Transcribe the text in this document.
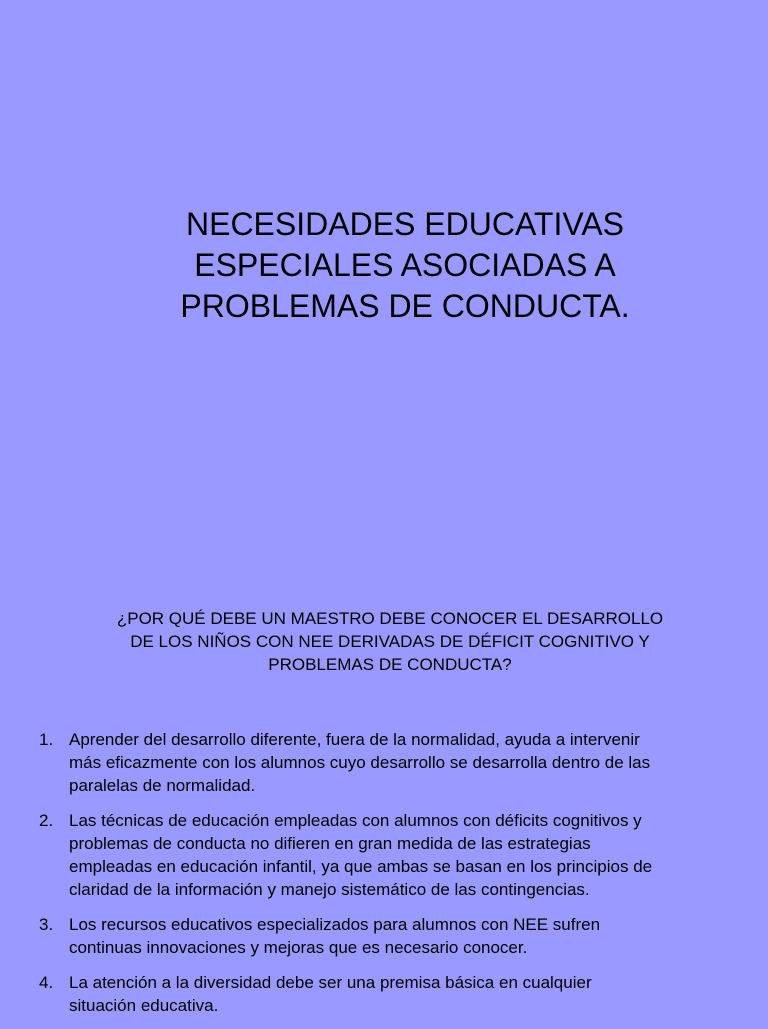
NECESIDADES EDUCATIVAS
ESPECIALES ASOCIADAS A
PROBLEMAS DE CONDUCTA.
¿POR QUÉ DEBE UN MAESTRO DEBE CONOCER EL DESARROLLO
DE LOS NIÑOS CON NEE DERIVADAS DE DÉFICIT COGNITIVO Y
PROBLEMAS DE CONDUCTA?
1. Aprender del desarrollo diferente, fuera de la normalidad, ayuda a intervenir
más eficazmente con los alumnos cuyo desarrollo se desarrolla dentro de las
paralelas de normalidad.
2. Las técnicas de educación empleadas con alumnos con déficits cognitivos y
problemas de conducta no difieren en gran medida de las estrategias
empleadas en educación infantil, ya que ambas se basan en los principios de
claridad de la información y manejo sistemático de las contingencias.
3. Los recursos educativos especializados para alumnos con NEE sufren
continuas innovaciones y mejoras que es necesario conocer.
4. La atención a la diversidad debe ser una premisa básica en cualquier
situación educativa.
